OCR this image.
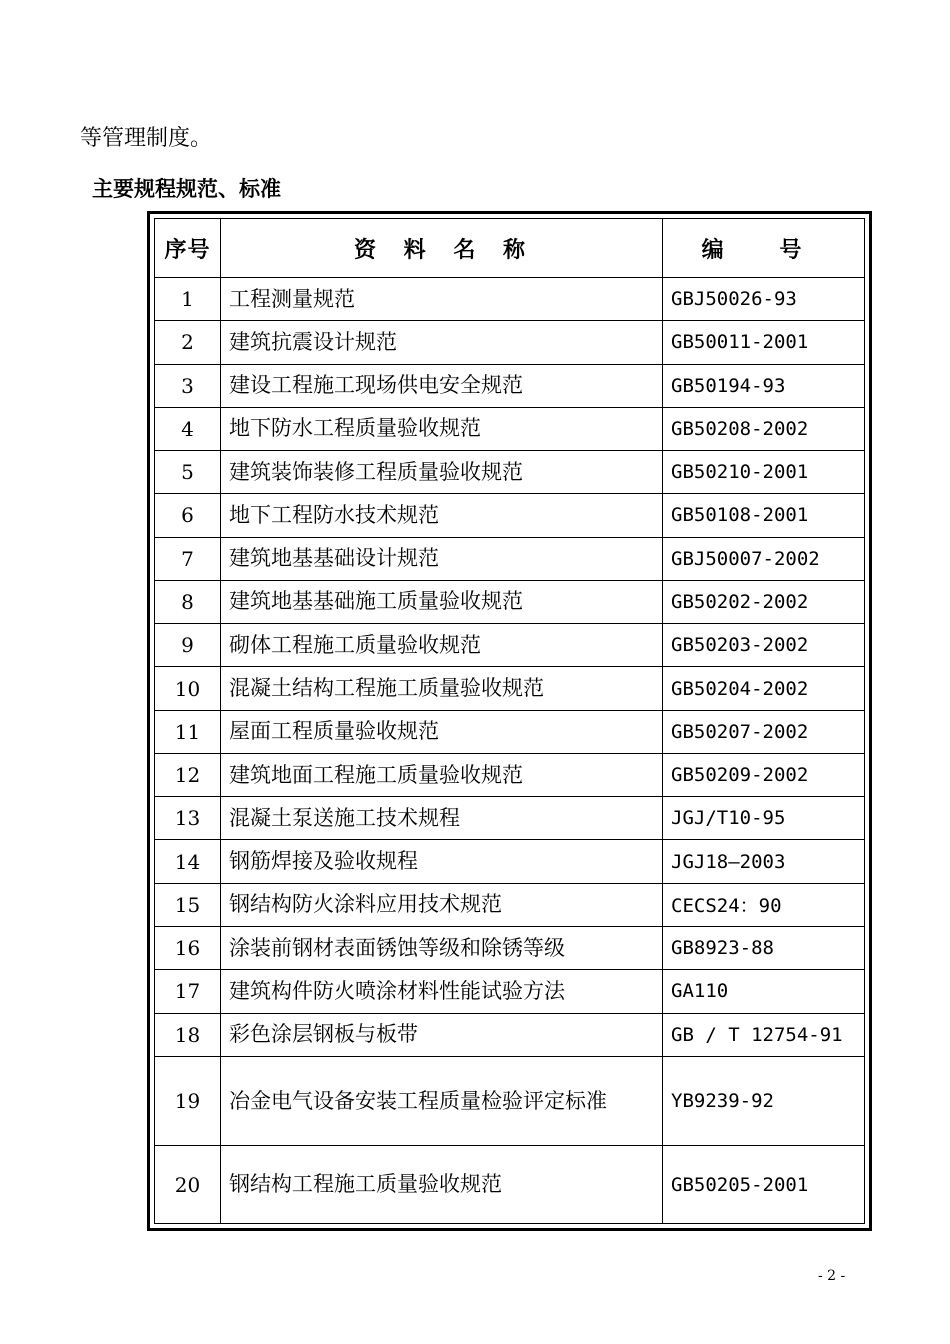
等管理制度。
主要规程规范、标准
序号	资 料 名 称	编 号
1	工程测量规范	GBJ50026-93
2	建筑抗震设计规范	GB50011-2001
3	建设工程施工现场供电安全规范	GB50194-93
4	地下防水工程质量验收规范	GB50208-2002
5	建筑装饰装修工程质量验收规范	GB50210-2001
6	地下工程防水技术规范	GB50108-2001
7	建筑地基基础设计规范	GBJ50007-2002
8	建筑地基基础施工质量验收规范	GB50202-2002
9	砌体工程施工质量验收规范	GB50203-2002
10	混凝土结构工程施工质量验收规范	GB50204-2002
11	屋面工程质量验收规范	GB50207-2002
12	建筑地面工程施工质量验收规范	GB50209-2002
13	混凝土泵送施工技术规程	JGJ/T10-95
14	钢筋焊接及验收规程	JGJ18—2003
15	钢结构防火涂料应用技术规范	CECS24：90
16	涂装前钢材表面锈蚀等级和除锈等级	GB8923-88
17	建筑构件防火喷涂材料性能试验方法	GA110
18	彩色涂层钢板与板带	GB / T 12754-91
19	冶金电气设备安装工程质量检验评定标准	YB9239-92
20	钢结构工程施工质量验收规范	GB50205-2001
- 2 -
